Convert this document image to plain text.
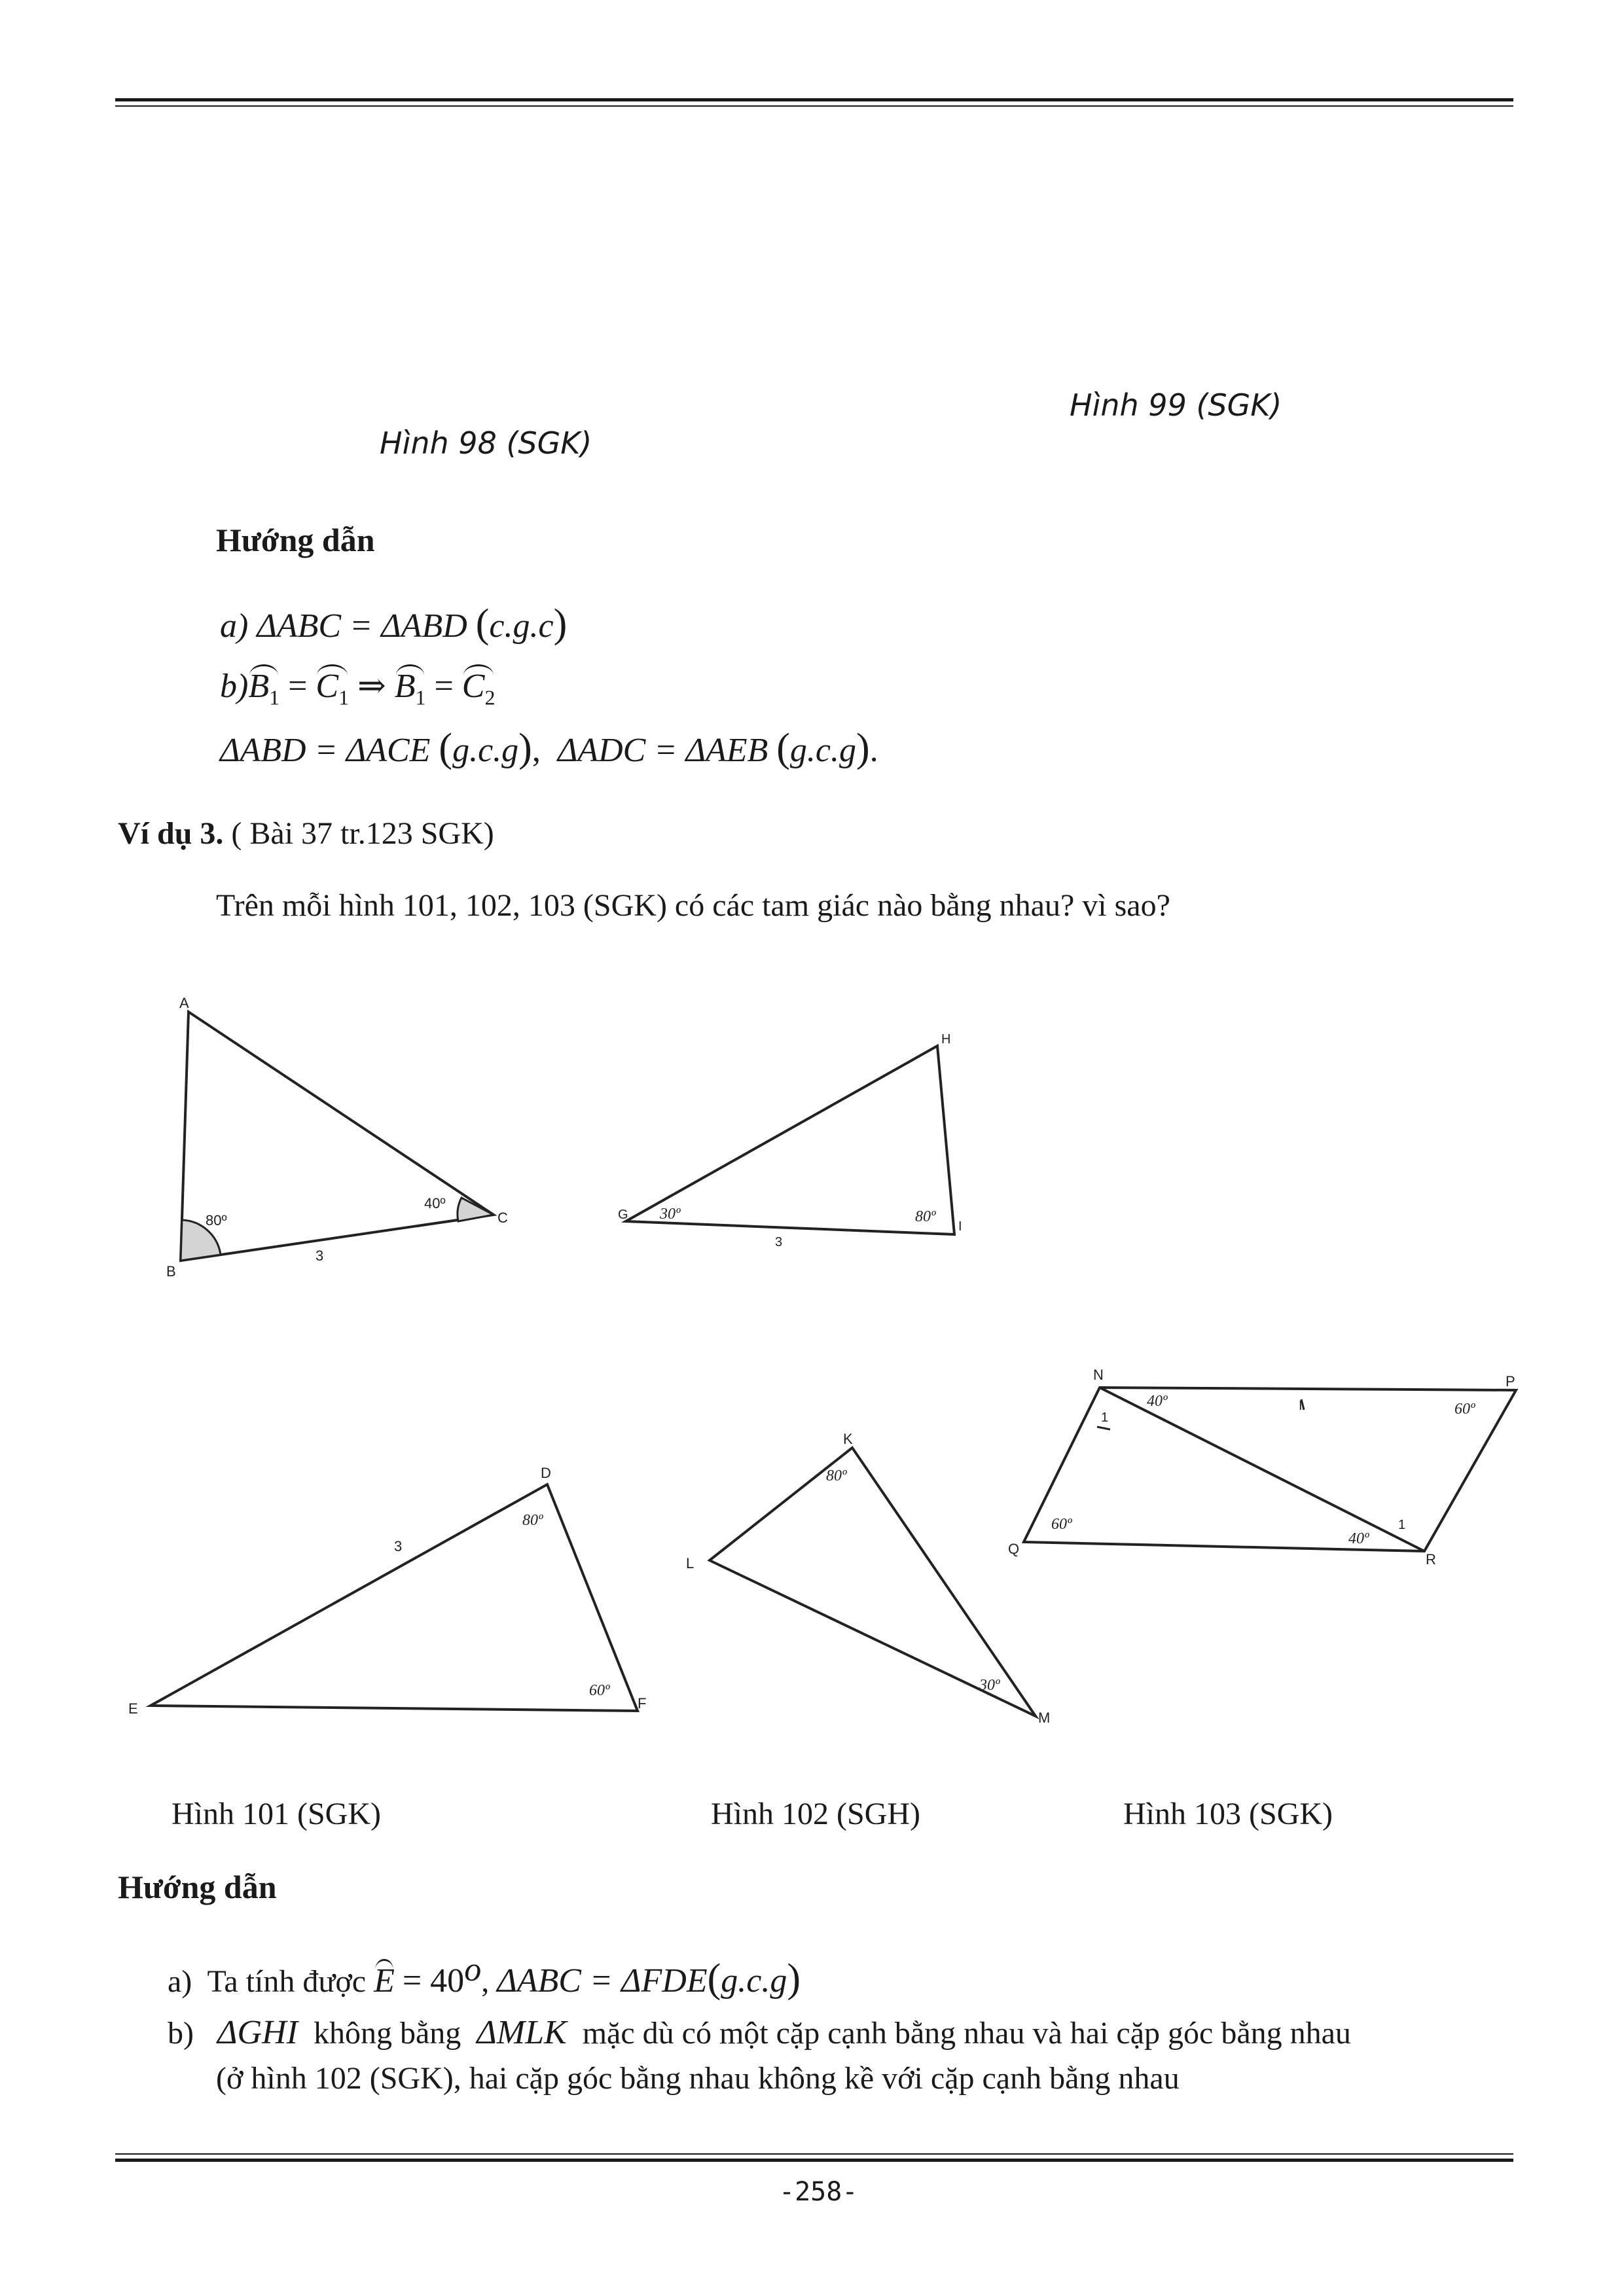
Hình 98 (SGK)
Hình 99 (SGK)
Hướng dẫn
a) ΔABC = ΔABD (c.g.c)
$b)B_1 = C_1$ ⇒ $B_1 = C_2$
ΔABD = ΔACE (g.c.g),  ΔADC = ΔAEB (g.c.g).
Ví dụ 3. ( Bài 37 tr.123 SGK)
Trên mỗi hình 101, 102, 103 (SGK) có các tam giác nào bằng nhau? vì sao?
A
B
C
80º
40º
3
G
H
I
30º	80º
3
D
E	F
80º
60º
3
K
L
M
80º
30º
N	P
Q
R
40º	60º
60º
40º
1
1
I
Hình 101 (SGK)	Hình 102 (SGH)	Hình 103 (SGK)
Hướng dẫn
a) Ta tính được $E = 40^o$, ΔABC = ΔFDE(g.c.g)
b) ΔGHI không bằng ΔMLK mặc dù có một cặp cạnh bằng nhau và hai cặp góc bằng nhau
(ở hình 102 (SGK), hai cặp góc bằng nhau không kề với cặp cạnh bằng nhau
-258-
